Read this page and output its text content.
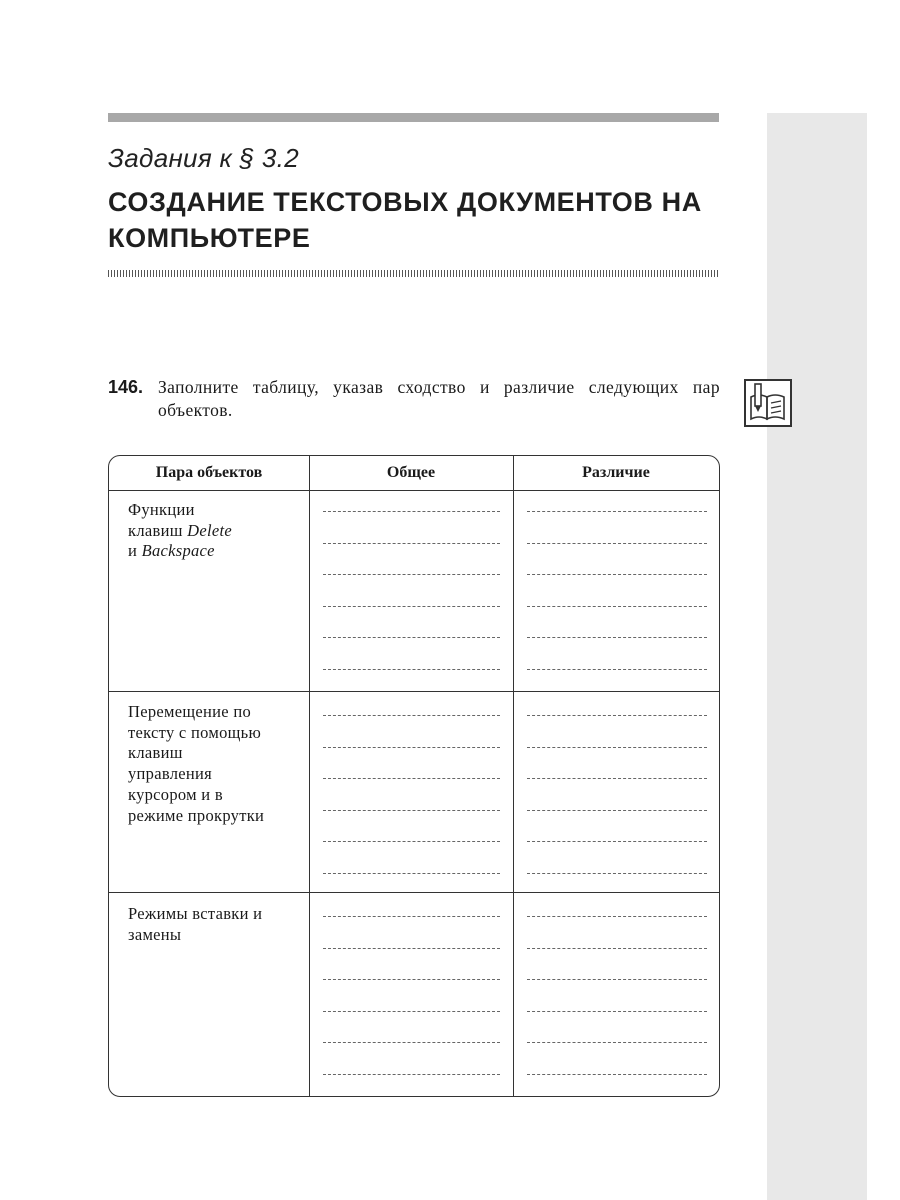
Задания к § 3.2
СОЗДАНИЕ ТЕКСТОВЫХ ДОКУМЕНТОВ НА КОМПЬЮТЕРЕ
146. Заполните таблицу, указав сходство и различие следующих пар объектов.
Пара объектов	Общее	Различие
Функции
клавиш Delete
и Backspace
Перемещение по тексту с помощью клавиш управления курсором и в режиме прокрутки
Режимы вставки и замены
